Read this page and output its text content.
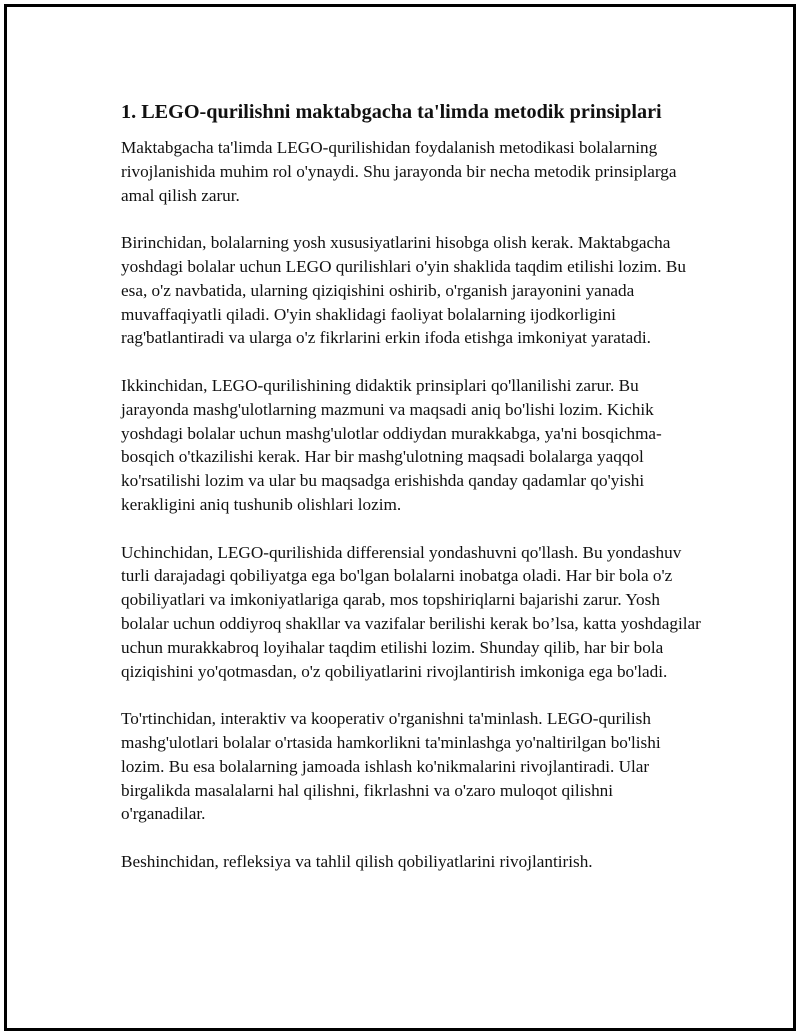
1. LEGO-qurilishni maktabgacha ta'limda metodik prinsiplari

Maktabgacha ta'limda LEGO-qurilishidan foydalanish metodikasi bolalarning rivojlanishida muhim rol o'ynaydi. Shu jarayonda bir necha metodik prinsiplarga amal qilish zarur.

Birinchidan, bolalarning yosh xususiyatlarini hisobga olish kerak. Maktabgacha yoshdagi bolalar uchun LEGO qurilishlari o'yin shaklida taqdim etilishi lozim. Bu esa, o'z navbatida, ularning qiziqishini oshirib, o'rganish jarayonini yanada muvaffaqiyatli qiladi. O'yin shaklidagi faoliyat bolalarning ijodkorligini rag'batlantiradi va ularga o'z fikrlarini erkin ifoda etishga imkoniyat yaratadi.

Ikkinchidan, LEGO-qurilishining didaktik prinsiplari qo'llanilishi zarur. Bu jarayonda mashg'ulotlarning mazmuni va maqsadi aniq bo'lishi lozim. Kichik yoshdagi bolalar uchun mashg'ulotlar oddiydan murakkabga, ya'ni bosqichma-bosqich o'tkazilishi kerak. Har bir mashg'ulotning maqsadi bolalarga yaqqol ko'rsatilishi lozim va ular bu maqsadga erishishda qanday qadamlar qo'yishi kerakligini aniq tushunib olishlari lozim.

Uchinchidan, LEGO-qurilishida differensial yondashuvni qo'llash. Bu yondashuv turli darajadagi qobiliyatga ega bo'lgan bolalarni inobatga oladi. Har bir bola o'z qobiliyatlari va imkoniyatlariga qarab, mos topshiriqlarni bajarishi zarur. Yosh bolalar uchun oddiyroq shakllar va vazifalar berilishi kerak bo’lsa, katta yoshdagilar uchun murakkabroq loyihalar taqdim etilishi lozim. Shunday qilib, har bir bola qiziqishini yo'qotmasdan, o'z qobiliyatlarini rivojlantirish imkoniga ega bo'ladi.

To'rtinchidan, interaktiv va kooperativ o'rganishni ta'minlash. LEGO-qurilish mashg'ulotlari bolalar o'rtasida hamkorlikni ta'minlashga yo'naltirilgan bo'lishi lozim. Bu esa bolalarning jamoada ishlash ko'nikmalarini rivojlantiradi. Ular birgalikda masalalarni hal qilishni, fikrlashni va o'zaro muloqot qilishni o'rganadilar.

Beshinchidan, refleksiya va tahlil qilish qobiliyatlarini rivojlantirish.
